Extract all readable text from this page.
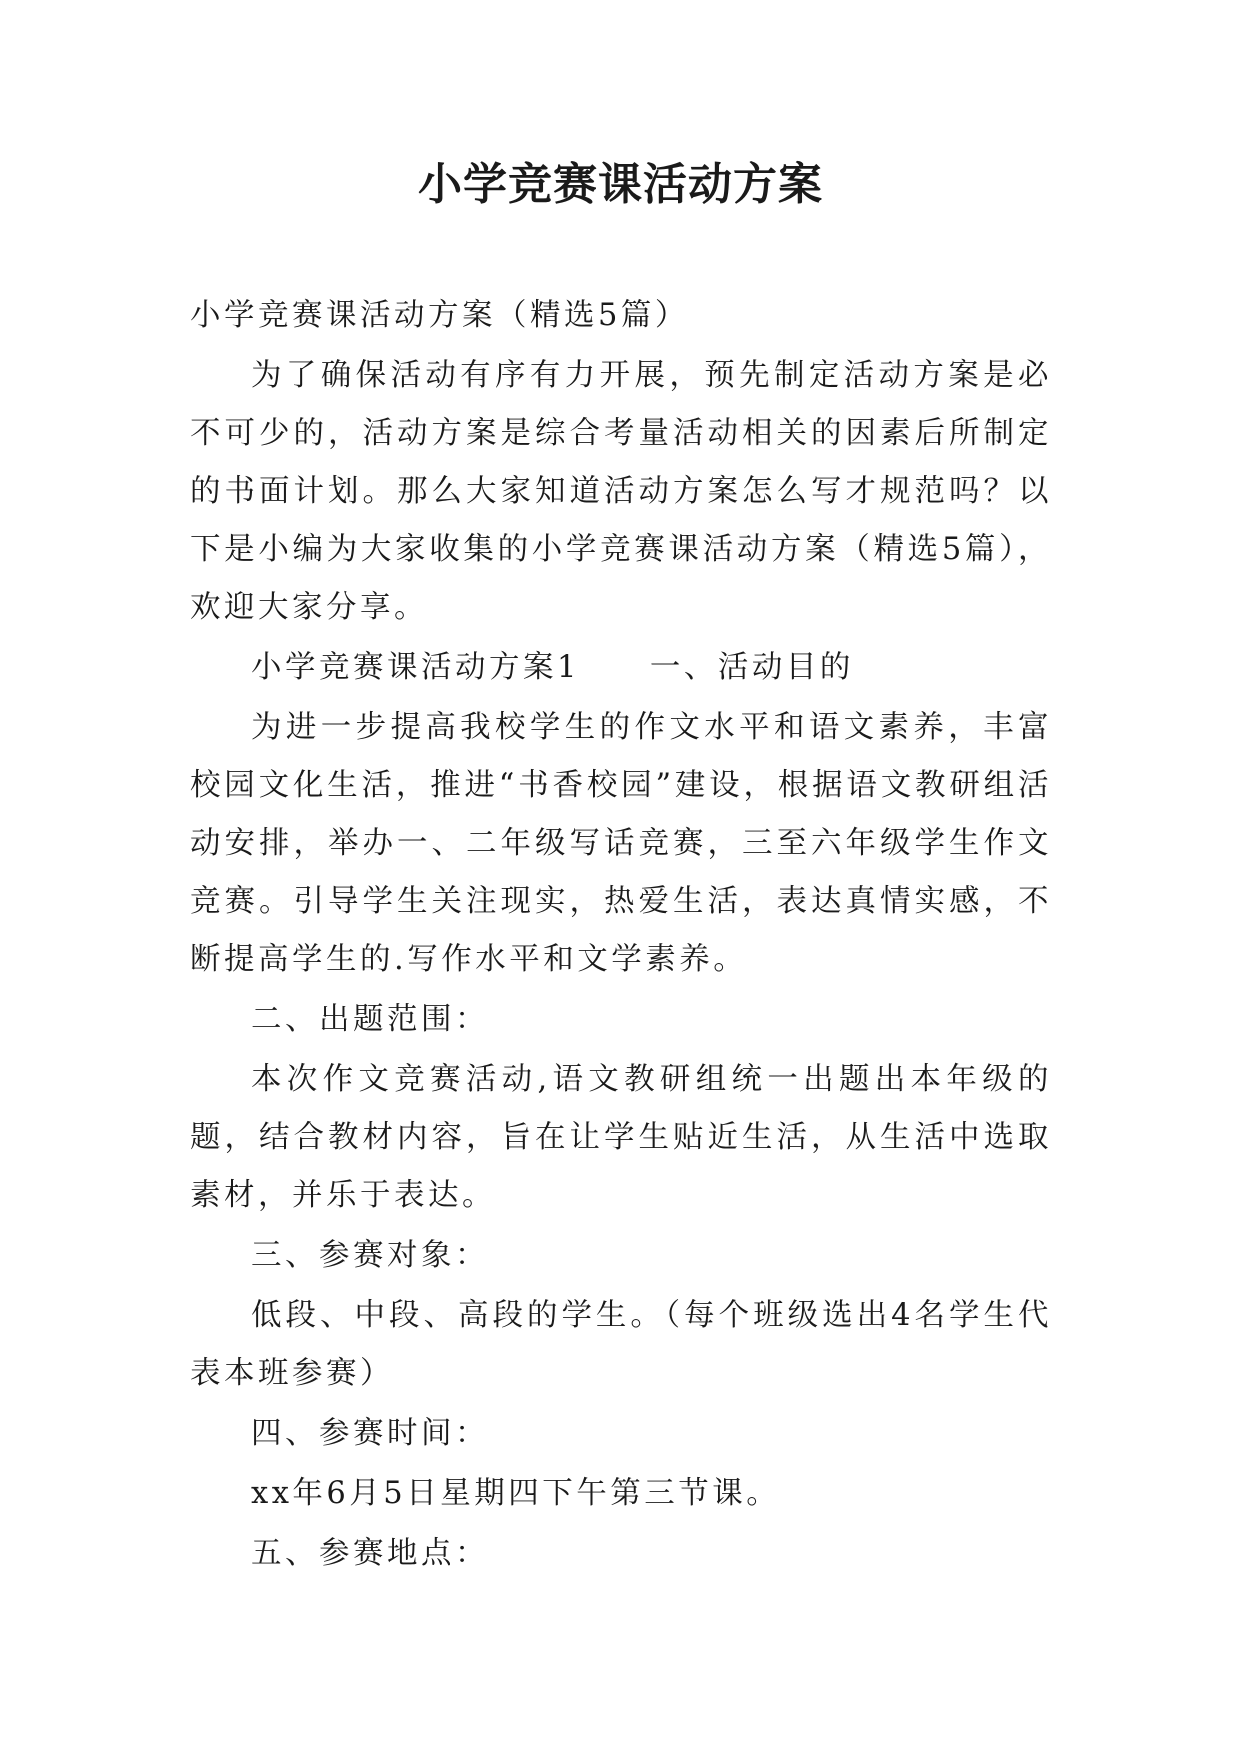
小学竞赛课活动方案

小学竞赛课活动方案（精选5篇）

为了确保活动有序有力开展，预先制定活动方案是必不可少的，活动方案是综合考量活动相关的因素后所制定的书面计划。那么大家知道活动方案怎么写才规范吗？以下是小编为大家收集的小学竞赛课活动方案（精选5篇），欢迎大家分享。

小学竞赛课活动方案1 一、活动目的

为进一步提高我校学生的作文水平和语文素养，丰富校园文化生活，推进“书香校园”建设，根据语文教研组活动安排，举办一、二年级写话竞赛，三至六年级学生作文竞赛。引导学生关注现实，热爱生活，表达真情实感，不断提高学生的.写作水平和文学素养。

二、出题范围：

本次作文竞赛活动,语文教研组统一出题出本年级的题，结合教材内容，旨在让学生贴近生活，从生活中选取素材，并乐于表达。

三、参赛对象：

低段、中段、高段的学生。（每个班级选出4名学生代表本班参赛）

四、参赛时间：

xx年6月5日星期四下午第三节课。

五、参赛地点：
